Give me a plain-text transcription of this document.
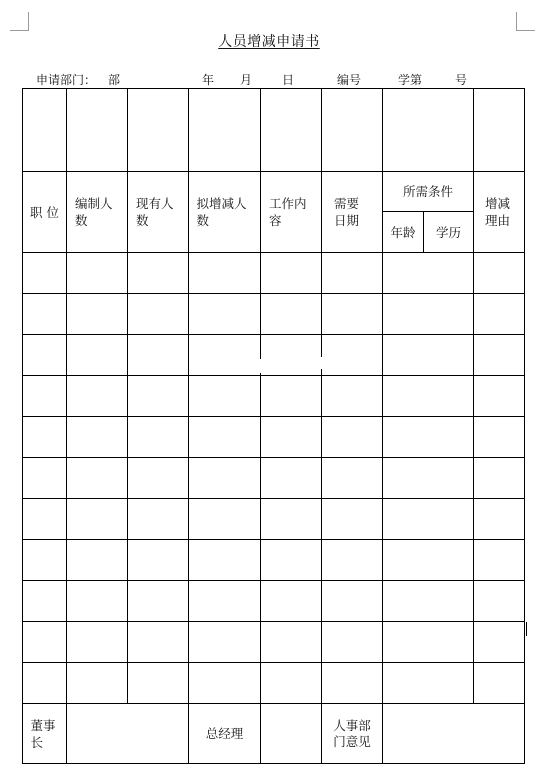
人员增减申请书
申请部门： 部	年 月 日	编号	学第	号

职 位	编制人数	现有人数	拟增减人数	工作内容	需要日期	所需条件		增减理由

						年龄	学历	

董事长			总经理		人事部门意见			
